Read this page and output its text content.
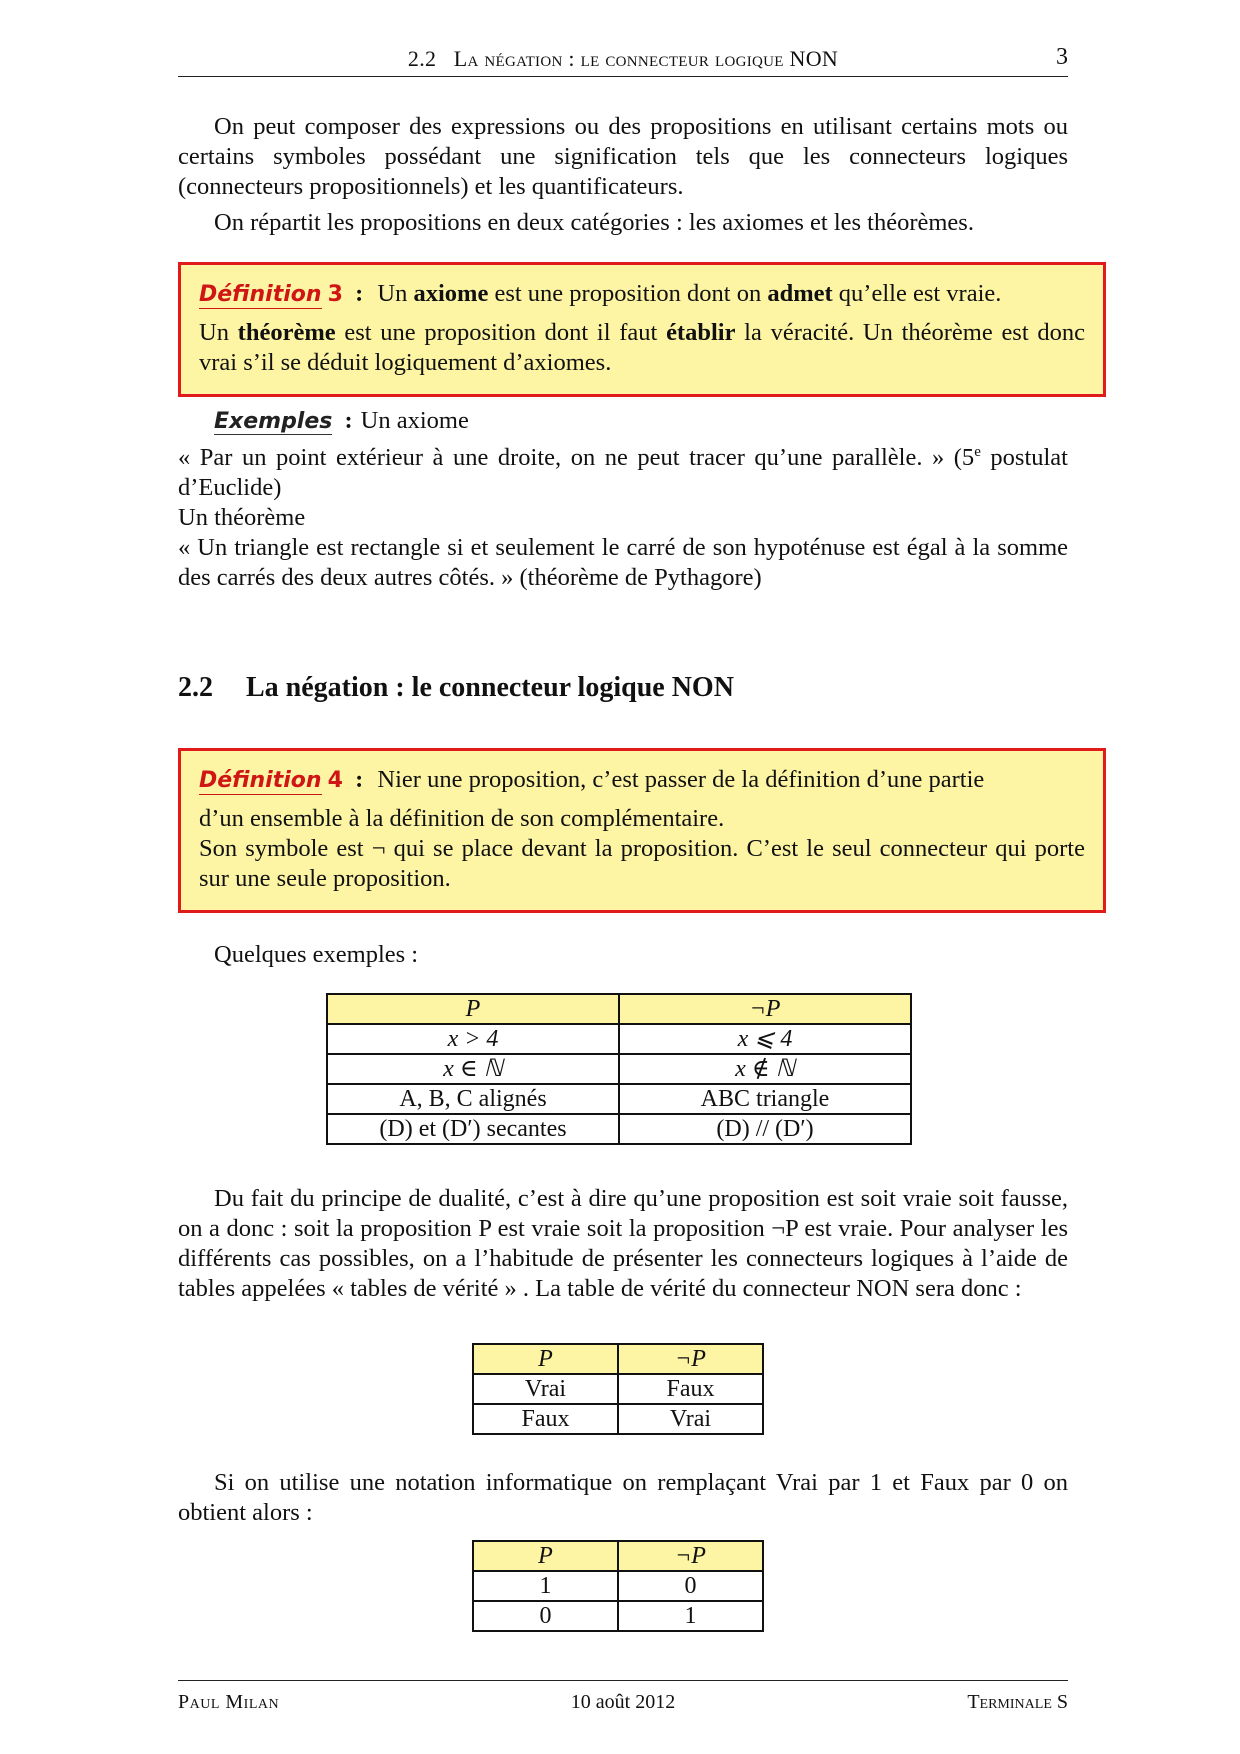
2.2 La négation : le connecteur logique NON	3

On peut composer des expressions ou des propositions en utilisant certains mots ou certains symboles possédant une signification tels que les connecteurs logiques (connecteurs propositionnels) et les quantificateurs.

On répartit les propositions en deux catégories : les axiomes et les théorèmes.

Définition 3 : Un axiome est une proposition dont on admet qu’elle est vraie.

Un théorème est une proposition dont il faut établir la véracité. Un théorème est donc vrai s’il se déduit logiquement d’axiomes.

Exemples : Un axiome

« Par un point extérieur à une droite, on ne peut tracer qu’une parallèle. » (5e postulat d’Euclide)

Un théorème

« Un triangle est rectangle si et seulement le carré de son hypoténuse est égal à la somme des carrés des deux autres côtés. » (théorème de Pythagore)

2.2 La négation : le connecteur logique NON

Définition 4 : Nier une proposition, c’est passer de la définition d’une partie

d’un ensemble à la définition de son complémentaire.

Son symbole est ¬ qui se place devant la proposition. C’est le seul connecteur qui porte sur une seule proposition.

Quelques exemples :

P	¬P
x > 4	x ⩽ 4
x ∈ ℕ	x ∉ ℕ
A, B, C alignés	ABC triangle
(D) et (D′) secantes	(D) // (D′)

Du fait du principe de dualité, c’est à dire qu’une proposition est soit vraie soit fausse, on a donc : soit la proposition P est vraie soit la proposition ¬P est vraie. Pour analyser les différents cas possibles, on a l’habitude de présenter les connecteurs logiques à l’aide de tables appelées « tables de vérité » . La table de vérité du connecteur NON sera donc :

P	¬P
Vrai	Faux
Faux	Vrai

Si on utilise une notation informatique on remplaçant Vrai par 1 et Faux par 0 on obtient alors :

P	¬P
1	0
0	1
Paul Milan	10 août 2012	Terminale S
